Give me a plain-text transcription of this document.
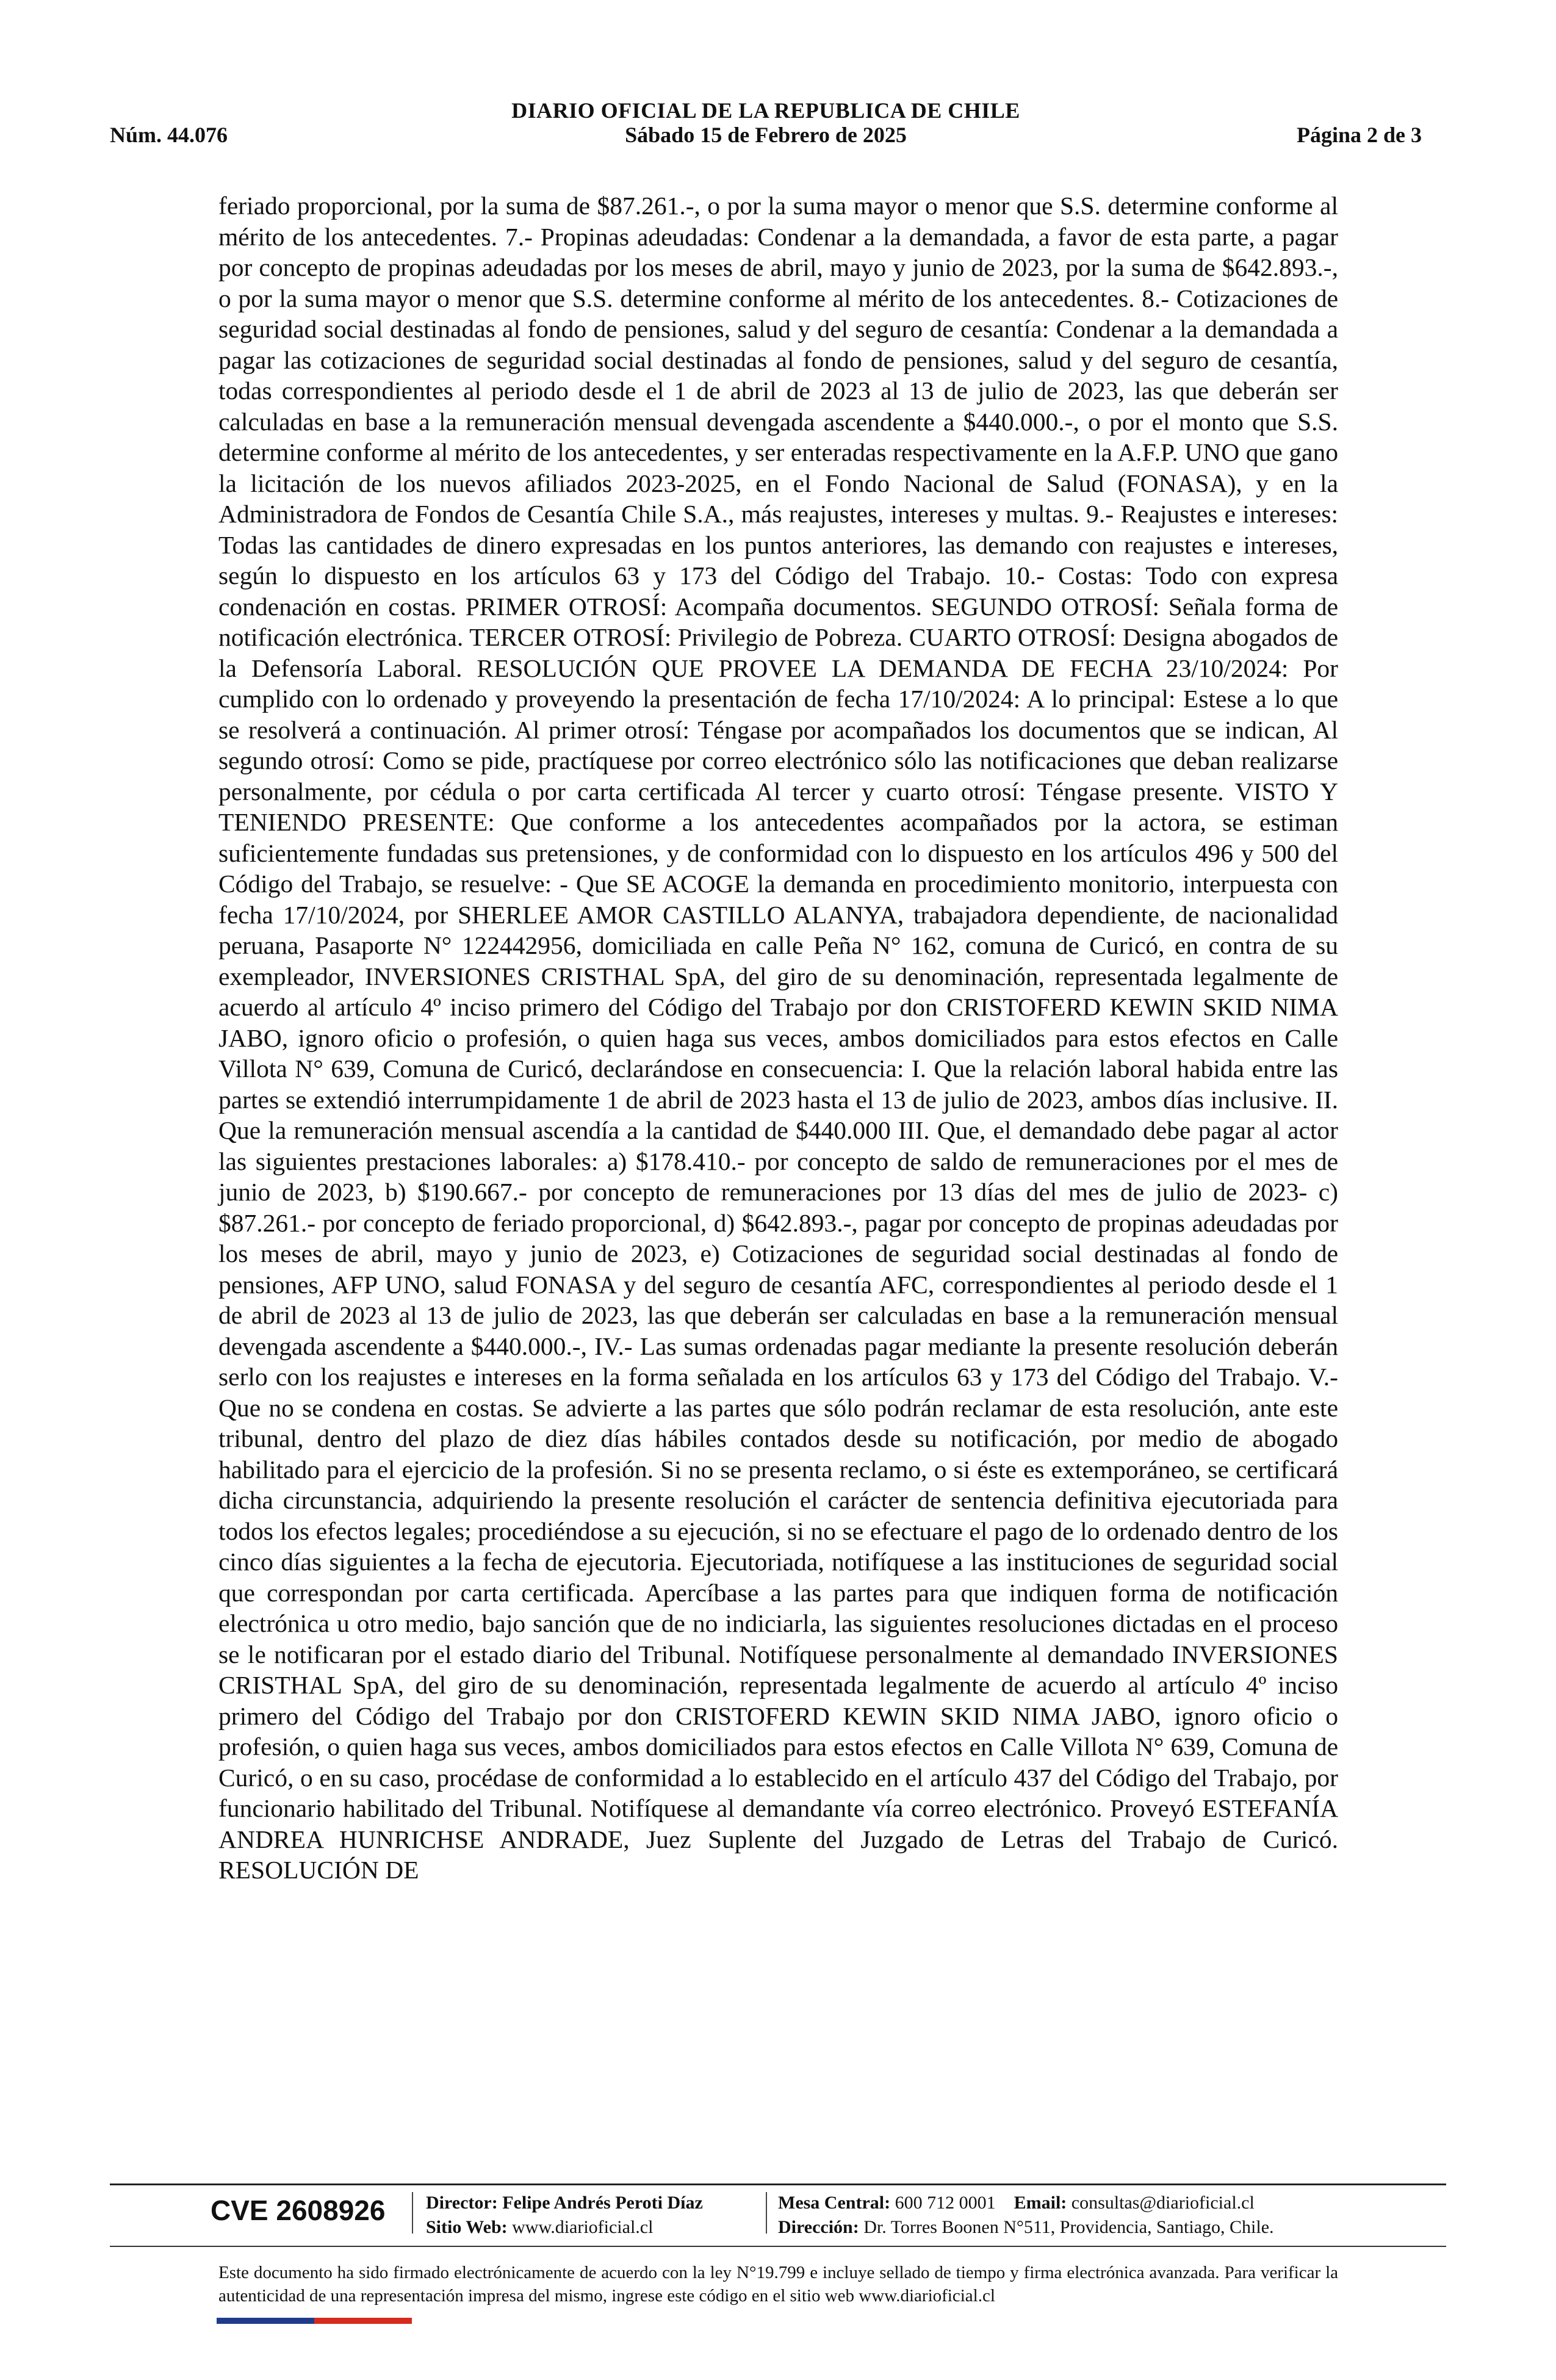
DIARIO OFICIAL DE LA REPUBLICA DE CHILE
Núm. 44.076	Sábado 15 de Febrero de 2025	Página 2 de 3

feriado proporcional, por la suma de $87.261.-, o por la suma mayor o menor que S.S. determine conforme al mérito de los antecedentes. 7.- Propinas adeudadas: Condenar a la demandada, a favor de esta parte, a pagar por concepto de propinas adeudadas por los meses de abril, mayo y junio de 2023, por la suma de $642.893.-, o por la suma mayor o menor que S.S. determine conforme al mérito de los antecedentes. 8.- Cotizaciones de seguridad social destinadas al fondo de pensiones, salud y del seguro de cesantía: Condenar a la demandada a pagar las cotizaciones de seguridad social destinadas al fondo de pensiones, salud y del seguro de cesantía, todas correspondientes al periodo desde el 1 de abril de 2023 al 13 de julio de 2023, las que deberán ser calculadas en base a la remuneración mensual devengada ascendente a $440.000.-, o por el monto que S.S. determine conforme al mérito de los antecedentes, y ser enteradas respectivamente en la A.F.P. UNO que gano la licitación de los nuevos afiliados 2023-2025, en el Fondo Nacional de Salud (FONASA), y en la Administradora de Fondos de Cesantía Chile S.A., más reajustes, intereses y multas. 9.- Reajustes e intereses: Todas las cantidades de dinero expresadas en los puntos anteriores, las demando con reajustes e intereses, según lo dispuesto en los artículos 63 y 173 del Código del Trabajo. 10.- Costas: Todo con expresa condenación en costas. PRIMER OTROSÍ: Acompaña documentos. SEGUNDO OTROSÍ: Señala forma de notificación electrónica. TERCER OTROSÍ: Privilegio de Pobreza. CUARTO OTROSÍ: Designa abogados de la Defensoría Laboral. RESOLUCIÓN QUE PROVEE LA DEMANDA DE FECHA 23/10/2024: Por cumplido con lo ordenado y proveyendo la presentación de fecha 17/10/2024: A lo principal: Estese a lo que se resolverá a continuación. Al primer otrosí: Téngase por acompañados los documentos que se indican, Al segundo otrosí: Como se pide, practíquese por correo electrónico sólo las notificaciones que deban realizarse personalmente, por cédula o por carta certificada Al tercer y cuarto otrosí: Téngase presente. VISTO Y TENIENDO PRESENTE: Que conforme a los antecedentes acompañados por la actora, se estiman suficientemente fundadas sus pretensiones, y de conformidad con lo dispuesto en los artículos 496 y 500 del Código del Trabajo, se resuelve: - Que SE ACOGE la demanda en procedimiento monitorio, interpuesta con fecha 17/10/2024, por SHERLEE AMOR CASTILLO ALANYA, trabajadora dependiente, de nacionalidad peruana, Pasaporte N° 122442956, domiciliada en calle Peña N° 162, comuna de Curicó, en contra de su exempleador, INVERSIONES CRISTHAL SpA, del giro de su denominación, representada legalmente de acuerdo al artículo 4º inciso primero del Código del Trabajo por don CRISTOFERD KEWIN SKID NIMA JABO, ignoro oficio o profesión, o quien haga sus veces, ambos domiciliados para estos efectos en Calle Villota N° 639, Comuna de Curicó, declarándose en consecuencia: I. Que la relación laboral habida entre las partes se extendió interrumpidamente 1 de abril de 2023 hasta el 13 de julio de 2023, ambos días inclusive. II. Que la remuneración mensual ascendía a la cantidad de $440.000 III. Que, el demandado debe pagar al actor las siguientes prestaciones laborales: a) $178.410.- por concepto de saldo de remuneraciones por el mes de junio de 2023, b) $190.667.- por concepto de remuneraciones por 13 días del mes de julio de 2023- c) $87.261.- por concepto de feriado proporcional, d) $642.893.-, pagar por concepto de propinas adeudadas por los meses de abril, mayo y junio de 2023, e) Cotizaciones de seguridad social destinadas al fondo de pensiones, AFP UNO, salud FONASA y del seguro de cesantía AFC, correspondientes al periodo desde el 1 de abril de 2023 al 13 de julio de 2023, las que deberán ser calculadas en base a la remuneración mensual devengada ascendente a $440.000.-, IV.- Las sumas ordenadas pagar mediante la presente resolución deberán serlo con los reajustes e intereses en la forma señalada en los artículos 63 y 173 del Código del Trabajo. V.- Que no se condena en costas. Se advierte a las partes que sólo podrán reclamar de esta resolución, ante este tribunal, dentro del plazo de diez días hábiles contados desde su notificación, por medio de abogado habilitado para el ejercicio de la profesión. Si no se presenta reclamo, o si éste es extemporáneo, se certificará dicha circunstancia, adquiriendo la presente resolución el carácter de sentencia definitiva ejecutoriada para todos los efectos legales; procediéndose a su ejecución, si no se efectuare el pago de lo ordenado dentro de los cinco días siguientes a la fecha de ejecutoria. Ejecutoriada, notifíquese a las instituciones de seguridad social que correspondan por carta certificada. Apercíbase a las partes para que indiquen forma de notificación electrónica u otro medio, bajo sanción que de no indiciarla, las siguientes resoluciones dictadas en el proceso se le notificaran por el estado diario del Tribunal. Notifíquese personalmente al demandado INVERSIONES CRISTHAL SpA, del giro de su denominación, representada legalmente de acuerdo al artículo 4º inciso primero del Código del Trabajo por don CRISTOFERD KEWIN SKID NIMA JABO, ignoro oficio o profesión, o quien haga sus veces, ambos domiciliados para estos efectos en Calle Villota N° 639, Comuna de Curicó, o en su caso, procédase de conformidad a lo establecido en el artículo 437 del Código del Trabajo, por funcionario habilitado del Tribunal. Notifíquese al demandante vía correo electrónico. Proveyó ESTEFANÍA ANDREA HUNRICHSE ANDRADE, Juez Suplente del Juzgado de Letras del Trabajo de Curicó. RESOLUCIÓN DE

CVE 2608926 Director: Felipe Andrés Peroti Díaz
Sitio Web: www.diarioficial.cl
Mesa Central: 600 712 0001 Email: consultas@diarioficial.cl
Dirección: Dr. Torres Boonen N°511, Providencia, Santiago, Chile.
Este documento ha sido firmado electrónicamente de acuerdo con la ley N°19.799 e incluye sellado de tiempo y firma electrónica avanzada. Para verificar la autenticidad de una representación impresa del mismo, ingrese este código en el sitio web www.diarioficial.cl
